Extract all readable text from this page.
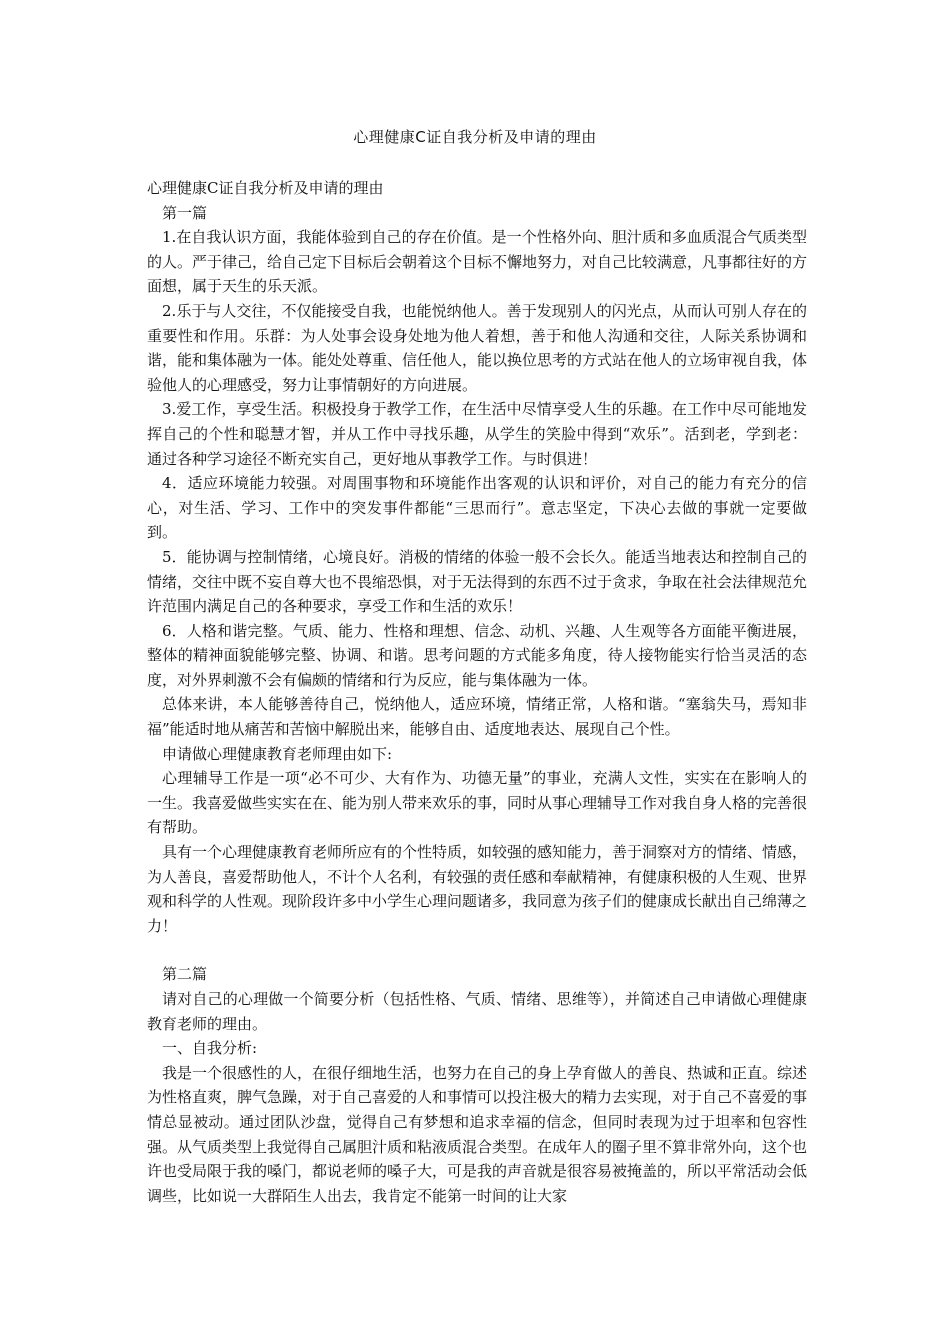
心理健康C证自我分析及申请的理由

心理健康C证自我分析及申请的理由

第一篇

1.在自我认识方面，我能体验到自己的存在价值。是一个性格外向、胆汁质和多血质混合气质类型的人。严于律己，给自己定下目标后会朝着这个目标不懈地努力，对自己比较满意，凡事都往好的方面想，属于天生的乐天派。

2.乐于与人交往，不仅能接受自我，也能悦纳他人。善于发现别人的闪光点，从而认可别人存在的重要性和作用。乐群：为人处事会设身处地为他人着想，善于和他人沟通和交往，人际关系协调和谐，能和集体融为一体。能处处尊重、信任他人，能以换位思考的方式站在他人的立场审视自我，体验他人的心理感受，努力让事情朝好的方向进展。

3.爱工作，享受生活。积极投身于教学工作，在生活中尽情享受人生的乐趣。在工作中尽可能地发挥自己的个性和聪慧才智，并从工作中寻找乐趣，从学生的笑脸中得到“欢乐”。活到老，学到老：通过各种学习途径不断充实自己，更好地从事教学工作。与时俱进！

4．适应环境能力较强。对周围事物和环境能作出客观的认识和评价，对自己的能力有充分的信心，对生活、学习、工作中的突发事件都能“三思而行”。意志坚定，下决心去做的事就一定要做到。

5．能协调与控制情绪，心境良好。消极的情绪的体验一般不会长久。能适当地表达和控制自己的情绪，交往中既不妄自尊大也不畏缩恐惧，对于无法得到的东西不过于贪求，争取在社会法律规范允许范围内满足自己的各种要求，享受工作和生活的欢乐！

6．人格和谐完整。气质、能力、性格和理想、信念、动机、兴趣、人生观等各方面能平衡进展，整体的精神面貌能够完整、协调、和谐。思考问题的方式能多角度，待人接物能实行恰当灵活的态度，对外界刺激不会有偏颇的情绪和行为反应，能与集体融为一体。

总体来讲，本人能够善待自己，悦纳他人，适应环境，情绪正常，人格和谐。“塞翁失马，焉知非福”能适时地从痛苦和苦恼中解脱出来，能够自由、适度地表达、展现自己个性。

申请做心理健康教育老师理由如下:

心理辅导工作是一项“必不可少、大有作为、功德无量”的事业，充满人文性，实实在在影响人的一生。我喜爱做些实实在在、能为别人带来欢乐的事，同时从事心理辅导工作对我自身人格的完善很有帮助。

具有一个心理健康教育老师所应有的个性特质，如较强的感知能力，善于洞察对方的情绪、情感，为人善良，喜爱帮助他人，不计个人名利，有较强的责任感和奉献精神，有健康积极的人生观、世界观和科学的人性观。现阶段许多中小学生心理问题诸多，我同意为孩子们的健康成长献出自己绵薄之力！

第二篇

请对自己的心理做一个简要分析（包括性格、气质、情绪、思维等），并简述自己申请做心理健康教育老师的理由。

一、自我分析:

我是一个很感性的人，在很仔细地生活，也努力在自己的身上孕育做人的善良、热诚和正直。综述为性格直爽，脾气急躁，对于自己喜爱的人和事情可以投注极大的精力去实现，对于自己不喜爱的事情总显被动。通过团队沙盘，觉得自己有梦想和追求幸福的信念，但同时表现为过于坦率和包容性强。从气质类型上我觉得自己属胆汁质和粘液质混合类型。在成年人的圈子里不算非常外向，这个也许也受局限于我的嗓门，都说老师的嗓子大，可是我的声音就是很容易被掩盖的，所以平常活动会低调些，比如说一大群陌生人出去，我肯定不能第一时间的让大家
